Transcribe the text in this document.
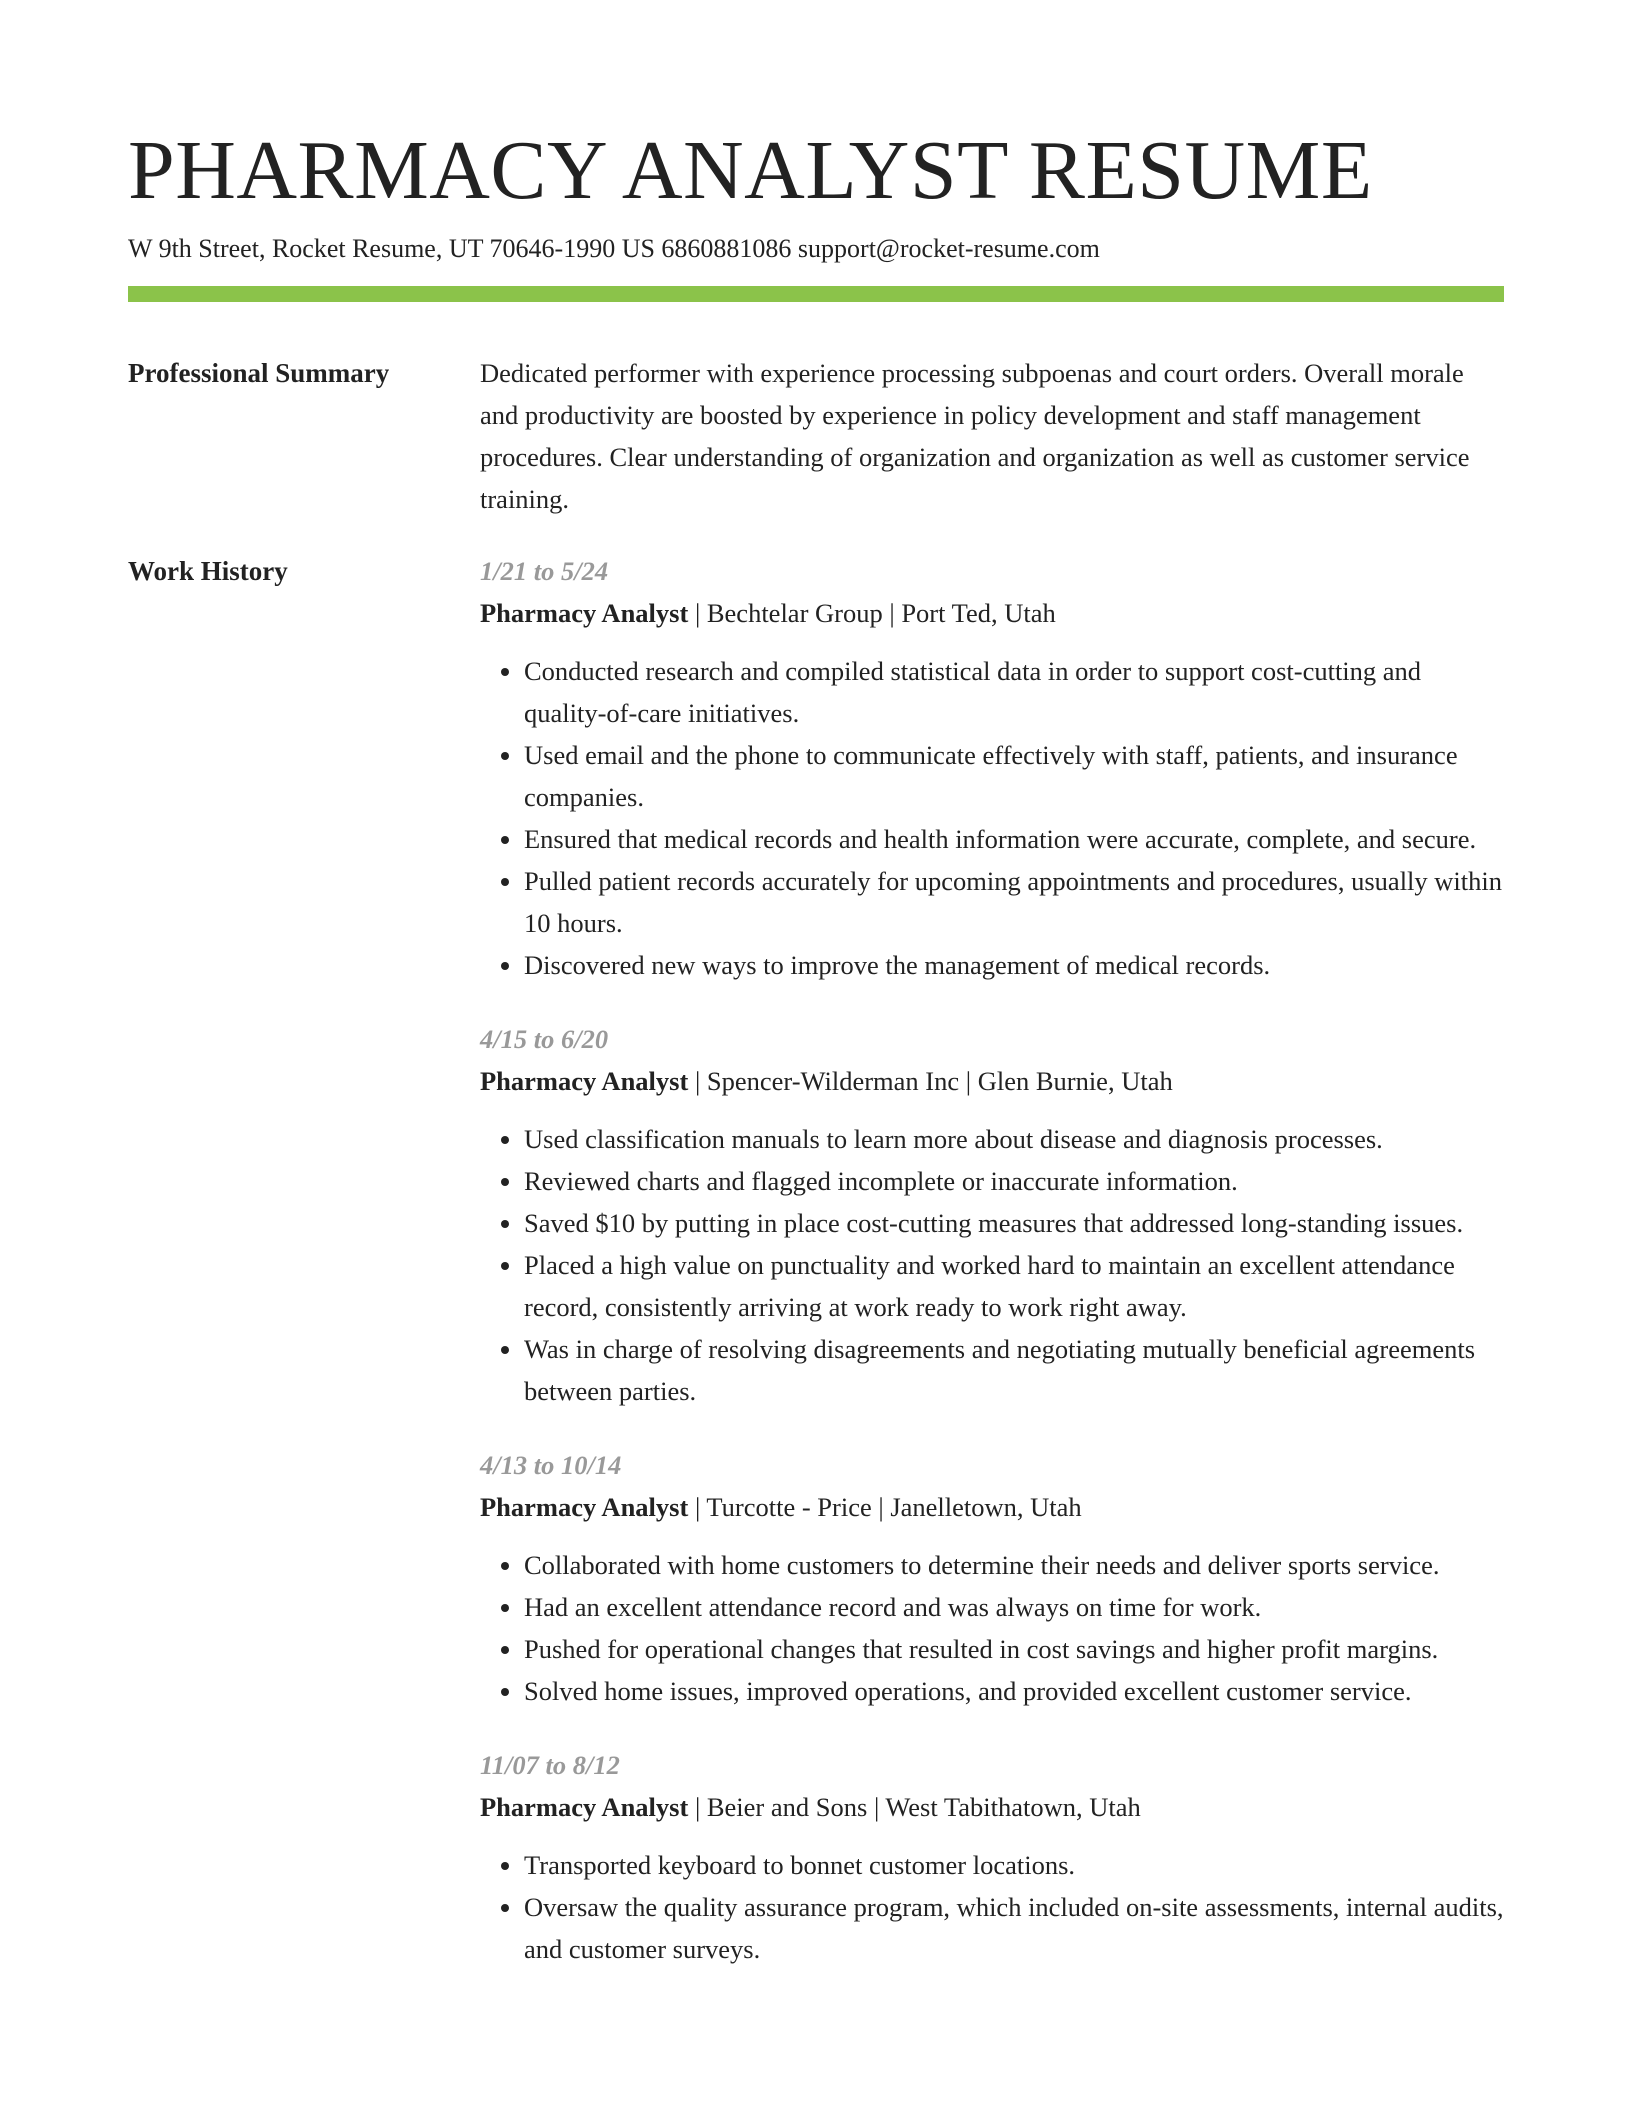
PHARMACY ANALYST RESUME
W 9th Street, Rocket Resume, UT 70646-1990 US 6860881086 support@rocket-resume.com
Professional Summary	Dedicated performer with experience processing subpoenas and court orders. Overall morale and productivity are boosted by experience in policy development and staff management procedures. Clear understanding of organization and organization as well as customer service training.
Work History	1/21 to 5/24
Pharmacy Analyst | Bechtelar Group | Port Ted, Utah
• Conducted research and compiled statistical data in order to support cost-cutting and quality-of-care initiatives.
• Used email and the phone to communicate effectively with staff, patients, and insurance companies.
• Ensured that medical records and health information were accurate, complete, and secure.
• Pulled patient records accurately for upcoming appointments and procedures, usually within 10 hours.
• Discovered new ways to improve the management of medical records.
4/15 to 6/20
Pharmacy Analyst | Spencer-Wilderman Inc | Glen Burnie, Utah
• Used classification manuals to learn more about disease and diagnosis processes.
• Reviewed charts and flagged incomplete or inaccurate information.
• Saved $10 by putting in place cost-cutting measures that addressed long-standing issues.
• Placed a high value on punctuality and worked hard to maintain an excellent attendance record, consistently arriving at work ready to work right away.
• Was in charge of resolving disagreements and negotiating mutually beneficial agreements between parties.
4/13 to 10/14
Pharmacy Analyst | Turcotte - Price | Janelletown, Utah
• Collaborated with home customers to determine their needs and deliver sports service.
• Had an excellent attendance record and was always on time for work.
• Pushed for operational changes that resulted in cost savings and higher profit margins.
• Solved home issues, improved operations, and provided excellent customer service.
11/07 to 8/12
Pharmacy Analyst | Beier and Sons | West Tabithatown, Utah
• Transported keyboard to bonnet customer locations.
• Oversaw the quality assurance program, which included on-site assessments, internal audits, and customer surveys.
